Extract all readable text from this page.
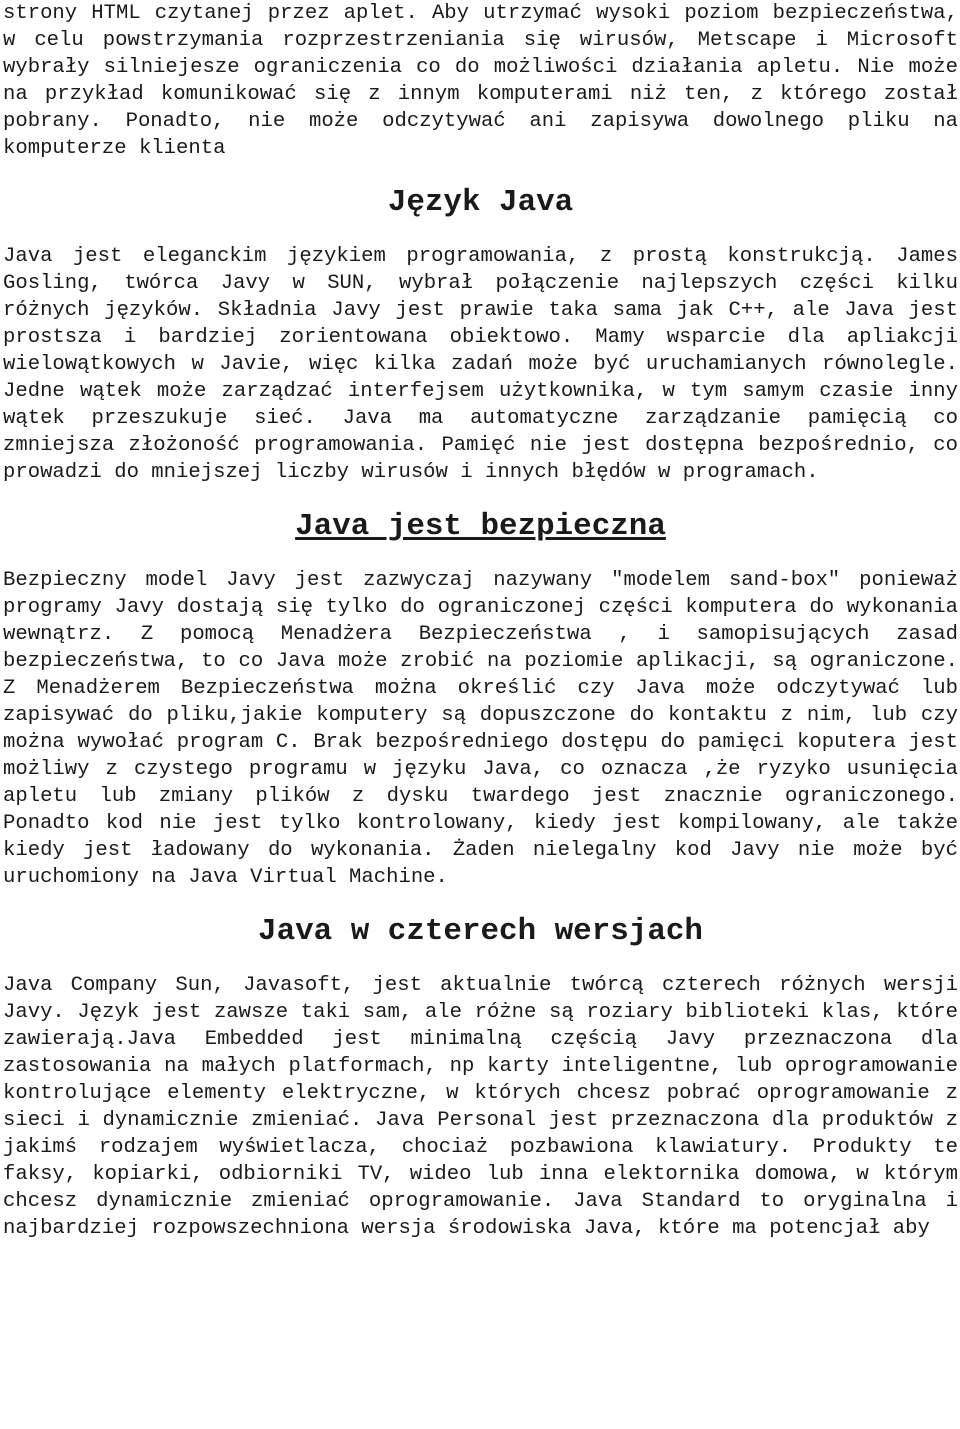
strony HTML czytanej przez aplet. Aby utrzymać wysoki poziom bezpieczeństwa, w celu powstrzymania rozprzestrzeniania się wirusów, Metscape i Microsoft wybrały silniejesze ograniczenia co do możliwości działania apletu. Nie może na przykład komunikować się z innym komputerami niż ten, z którego został pobrany. Ponadto, nie może odczytywać ani zapisywa dowolnego pliku na komputerze klienta

Język Java

Java jest eleganckim językiem programowania, z prostą konstrukcją. James Gosling, twórca Javy w SUN, wybrał połączenie najlepszych części kilku różnych języków. Składnia Javy jest prawie taka sama jak C++, ale Java jest prostsza i bardziej zorientowana obiektowo. Mamy wsparcie dla apliakcji wielowątkowych w Javie, więc kilka zadań może być uruchamianych równolegle. Jedne wątek może zarządzać interfejsem użytkownika, w tym samym czasie inny wątek przeszukuje sieć. Java ma automatyczne zarządzanie pamięcią co zmniejsza złożoność programowania. Pamięć nie jest dostępna bezpośrednio, co prowadzi do mniejszej liczby wirusów i innych błędów w programach.

Java jest bezpieczna

Bezpieczny model Javy jest zazwyczaj nazywany "modelem sand-box" ponieważ programy Javy dostają się tylko do ograniczonej części komputera do wykonania wewnątrz. Z pomocą Menadżera Bezpieczeństwa , i samopisujących zasad bezpieczeństwa, to co Java może zrobić na poziomie aplikacji, są ograniczone. Z Menadżerem Bezpieczeństwa można określić czy Java może odczytywać lub zapisywać do pliku,jakie komputery są dopuszczone do kontaktu z nim, lub czy można wywołać program C. Brak bezpośredniego dostępu do pamięci koputera jest możliwy z czystego programu w języku Java, co oznacza ,że ryzyko usunięcia apletu lub zmiany plików z dysku twardego jest znacznie ograniczonego. Ponadto kod nie jest tylko kontrolowany, kiedy jest kompilowany, ale także kiedy jest ładowany do wykonania. Żaden nielegalny kod Javy nie może być uruchomiony na Java Virtual Machine.

Java w czterech wersjach

Java Company Sun, Javasoft, jest aktualnie twórcą czterech różnych wersji Javy. Język jest zawsze taki sam, ale różne są roziary biblioteki klas, które zawierają.Java Embedded jest minimalną częścią Javy przeznaczona dla zastosowania na małych platformach, np karty inteligentne, lub oprogramowanie kontrolujące elementy elektryczne, w których chcesz pobrać oprogramowanie z sieci i dynamicznie zmieniać. Java Personal jest przeznaczona dla produktów z jakimś rodzajem wyświetlacza, chociaż pozbawiona klawiatury. Produkty te faksy, kopiarki, odbiorniki TV, wideo lub inna elektornika domowa, w którym chcesz dynamicznie zmieniać oprogramowanie. Java Standard to oryginalna i najbardziej rozpowszechniona wersja środowiska Java, które ma potencjał aby
